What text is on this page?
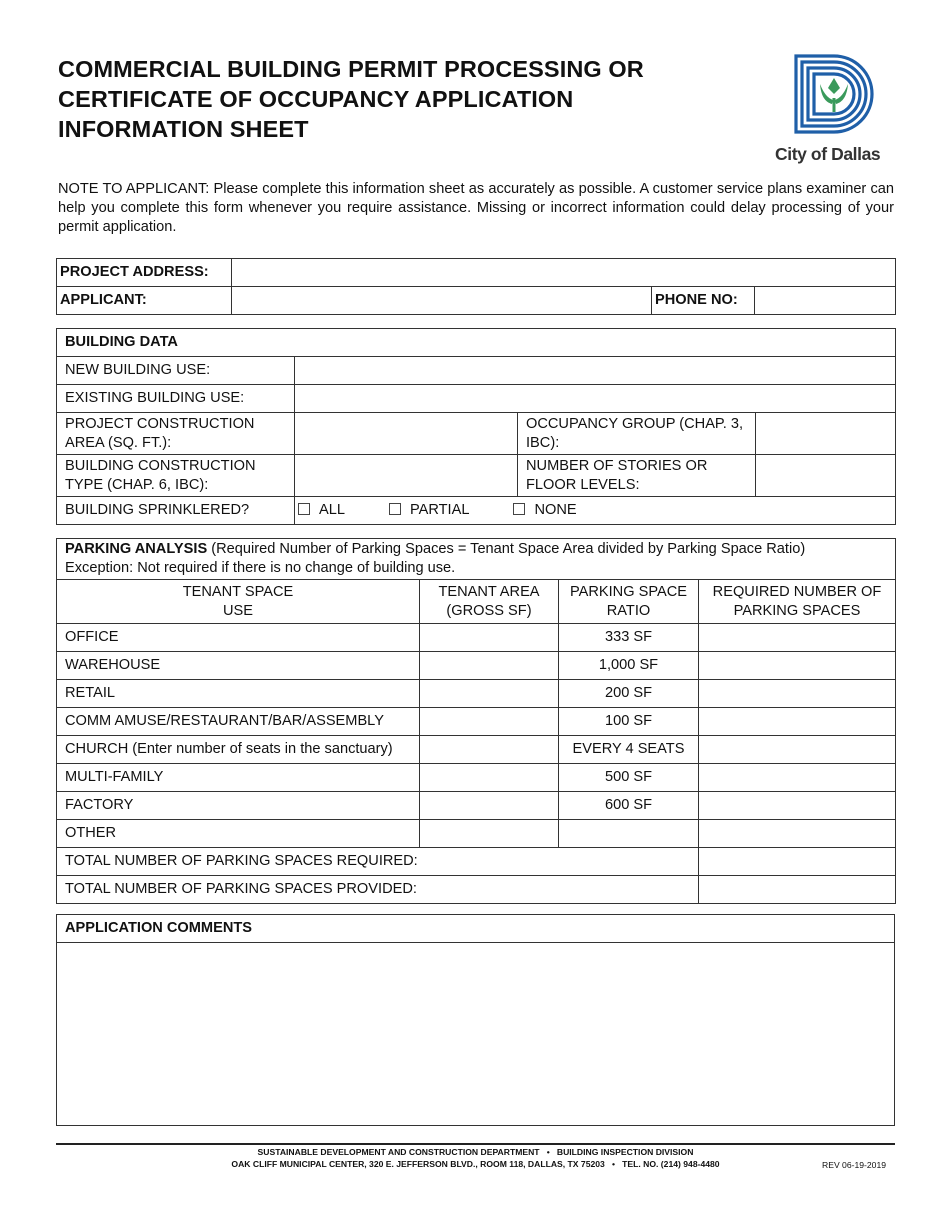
COMMERCIAL BUILDING PERMIT PROCESSING OR
CERTIFICATE OF OCCUPANCY APPLICATION
INFORMATION SHEET
City of Dallas
NOTE TO APPLICANT: Please complete this information sheet as accurately as possible. A customer service plans examiner can help you complete this form whenever you require assistance. Missing or incorrect information could delay processing of your permit application.
PROJECT ADDRESS:			
APPLICANT:		PHONE NO:	
BUILDING DATA			
NEW BUILDING USE:			
EXISTING BUILDING USE:			
PROJECT CONSTRUCTION AREA (SQ. FT.):		OCCUPANCY GROUP (CHAP. 3, IBC):	
BUILDING CONSTRUCTION TYPE (CHAP. 6, IBC):		NUMBER OF STORIES OR FLOOR LEVELS:	
BUILDING SPRINKLERED?	ALL PARTIAL NONE		
PARKING ANALYSIS (Required Number of Parking Spaces = Tenant Space Area divided by Parking Space Ratio)
Exception: Not required if there is no change of building use.			
TENANT SPACE USE	TENANT AREA (GROSS SF)	PARKING SPACE RATIO	REQUIRED NUMBER OF PARKING SPACES
OFFICE		333 SF	
WAREHOUSE		1,000 SF	
RETAIL		200 SF	
COMM AMUSE/RESTAURANT/BAR/ASSEMBLY		100 SF	
CHURCH (Enter number of seats in the sanctuary)		EVERY 4 SEATS	
MULTI-FAMILY		500 SF	
FACTORY		600 SF	
OTHER			
TOTAL NUMBER OF PARKING SPACES REQUIRED:			
TOTAL NUMBER OF PARKING SPACES PROVIDED:			
APPLICATION COMMENTS

SUSTAINABLE DEVELOPMENT AND CONSTRUCTION DEPARTMENT   •   BUILDING INSPECTION DIVISION
OAK CLIFF MUNICIPAL CENTER, 320 E. JEFFERSON BLVD., ROOM 118, DALLAS, TX 75203   •   TEL. NO. (214) 948-4480	REV 06-19-2019
